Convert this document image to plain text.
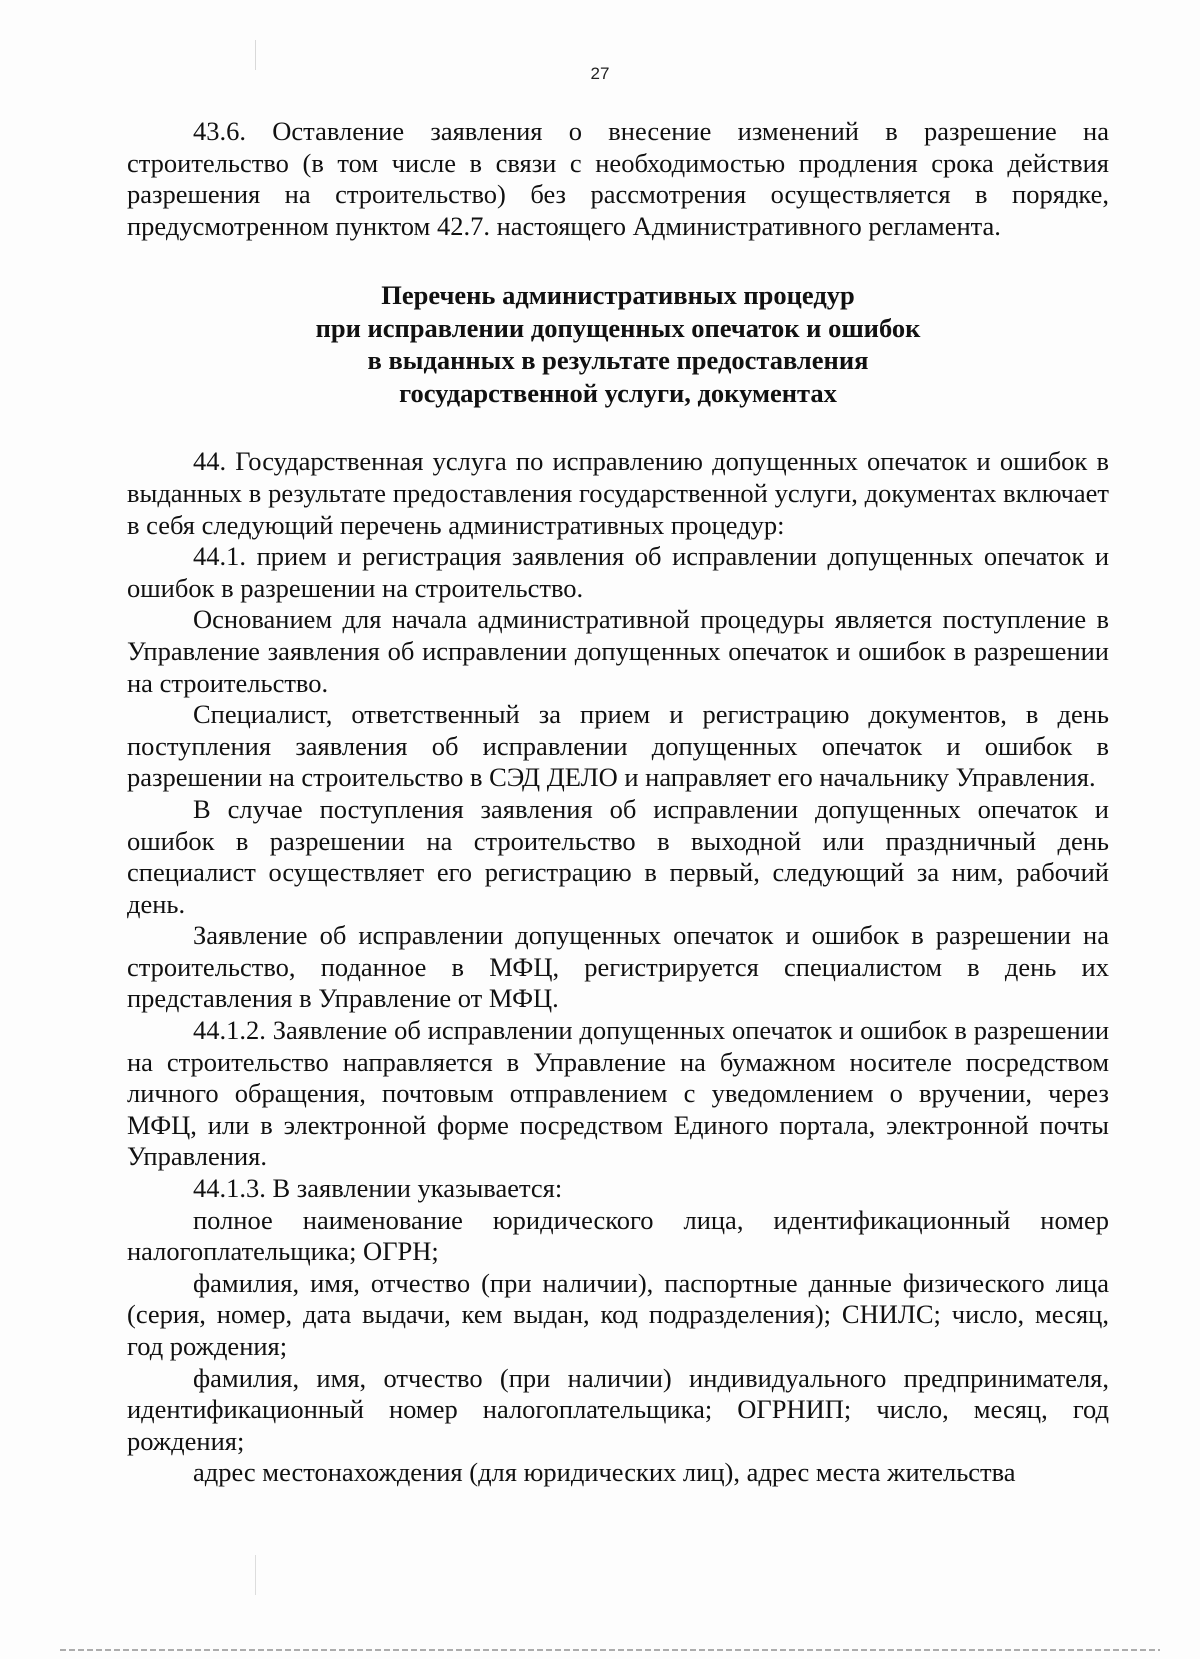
27

43.6. Оставление заявления о внесение изменений в разрешение на строительство (в том числе в связи с необходимостью продления срока действия разрешения на строительство) без рассмотрения осуществляется в порядке, предусмотренном пунктом 42.7. настоящего Административного регламента.

Перечень административных процедур
при исправлении допущенных опечаток и ошибок
в выданных в результате предоставления
государственной услуги, документах

44. Государственная услуга по исправлению допущенных опечаток и ошибок в выданных в результате предоставления государственной услуги, документах включает в себя следующий перечень административных процедур:

44.1. прием и регистрация заявления об исправлении допущенных опечаток и ошибок в разрешении на строительство.

Основанием для начала административной процедуры является поступление в Управление заявления об исправлении допущенных опечаток и ошибок в разрешении на строительство.

Специалист, ответственный за прием и регистрацию документов, в день поступления заявления об исправлении допущенных опечаток и ошибок в разрешении на строительство в СЭД ДЕЛО и направляет его начальнику Управления.

В случае поступления заявления об исправлении допущенных опечаток и ошибок в разрешении на строительство в выходной или праздничный день специалист осуществляет его регистрацию в первый, следующий за ним, рабочий день.

Заявление об исправлении допущенных опечаток и ошибок в разрешении на строительство, поданное в МФЦ, регистрируется специалистом в день их представления в Управление от МФЦ.

44.1.2. Заявление об исправлении допущенных опечаток и ошибок в разрешении на строительство направляется в Управление на бумажном носителе посредством личного обращения, почтовым отправлением с уведомлением о вручении, через МФЦ, или в электронной форме посредством Единого портала, электронной почты Управления.

44.1.3. В заявлении указывается:

полное наименование юридического лица, идентификационный номер налогоплательщика; ОГРН;

фамилия, имя, отчество (при наличии), паспортные данные физического лица (серия, номер, дата выдачи, кем выдан, код подразделения); СНИЛС; число, месяц, год рождения;

фамилия, имя, отчество (при наличии) индивидуального предпринимателя, идентификационный номер налогоплательщика; ОГРНИП; число, месяц, год рождения;

адрес местонахождения (для юридических лиц), адрес места жительства
